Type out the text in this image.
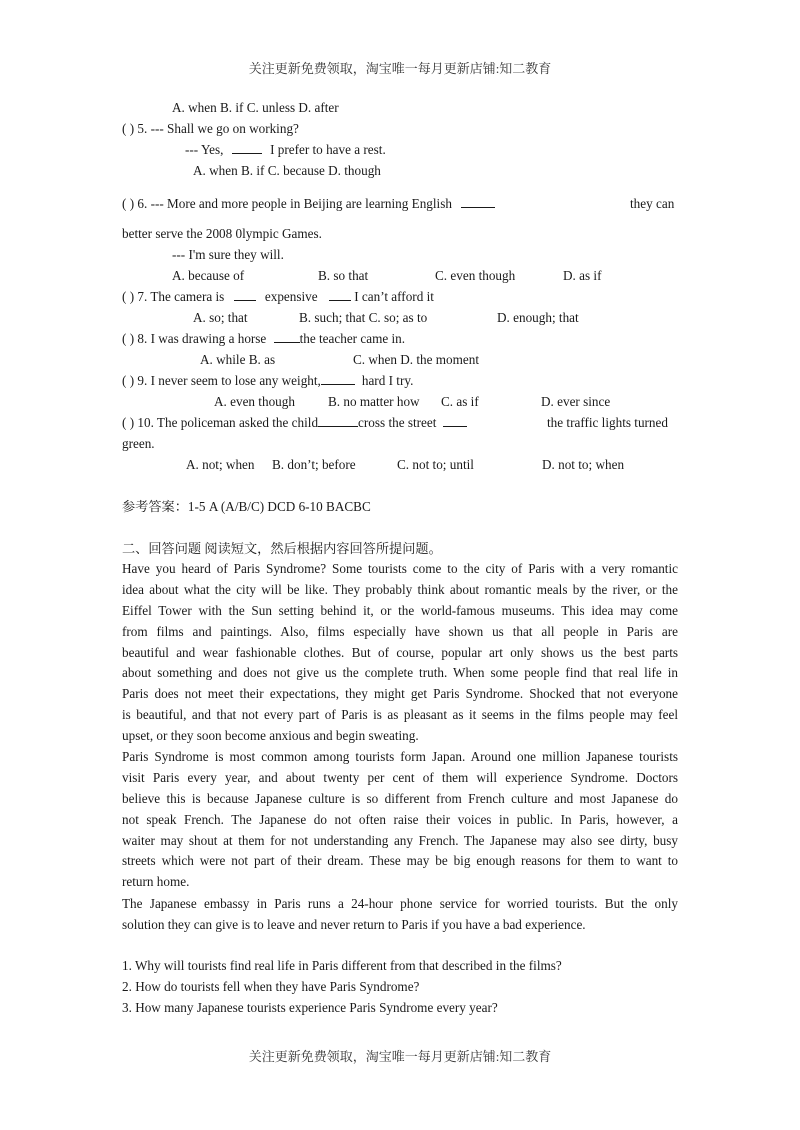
关注更新免费领取，淘宝唯一每月更新店铺:知二教育
A. when B. if C. unless D. after
( ) 5. --- Shall we go on working?
--- Yes,	I prefer to have a rest.
A. when B. if C. because D. though
( ) 6. --- More and more people in Beijing are learning English	they can
better serve the 2008 0lympic Games.
--- I'm sure they will.
A. because of	B. so that	C. even though	D. as if
( ) 7. The camera is	expensive	I can’t afford it
A. so; that	B. such; that C. so; as to	D. enough; that
( ) 8. I was drawing a horse	the teacher came in.
A. while B. as	C. when D. the moment
( ) 9. I never seem to lose any weight,	hard I try.
A. even though	B. no matter how C. as if	D. ever since
( ) 10. The policeman asked the child	cross the street	the traffic lights turned
green.
A. not; when B. don’t; before	C. not to; until	D. not to; when
参考答案：1-5 A (A/B/C) DCD 6-10 BACBC
二、回答问题 阅读短文，然后根据内容回答所提问题。
Have you heard of Paris Syndrome? Some tourists come to the city of Paris with a very romantic
idea about what the city will be like. They probably think about romantic meals by the river, or the
Eiffel Tower with the Sun setting behind it, or the world-famous museums. This idea may come
from films and paintings. Also, films especially have shown us that all people in Paris are
beautiful and wear fashionable clothes. But of course, popular art only shows us the best parts
about something and does not give us the complete truth. When some people find that real life in
Paris does not meet their expectations, they might get Paris Syndrome. Shocked that not everyone
is beautiful, and that not every part of Paris is as pleasant as it seems in the films people may feel
upset, or they soon become anxious and begin sweating.
Paris Syndrome is most common among tourists form Japan. Around one million Japanese tourists
visit Paris every year, and about twenty per cent of them will experience Syndrome. Doctors
believe this is because Japanese culture is so different from French culture and most Japanese do
not speak French. The Japanese do not often raise their voices in public. In Paris, however, a
waiter may shout at them for not understanding any French. The Japanese may also see dirty, busy
streets which were not part of their dream. These may be big enough reasons for them to want to
return home.
The Japanese embassy in Paris runs a 24-hour phone service for worried tourists. But the only
solution they can give is to leave and never return to Paris if you have a bad experience.
1. Why will tourists find real life in Paris different from that described in the films?
2. How do tourists fell when they have Paris Syndrome?
3. How many Japanese tourists experience Paris Syndrome every year?
关注更新免费领取，淘宝唯一每月更新店铺:知二教育
